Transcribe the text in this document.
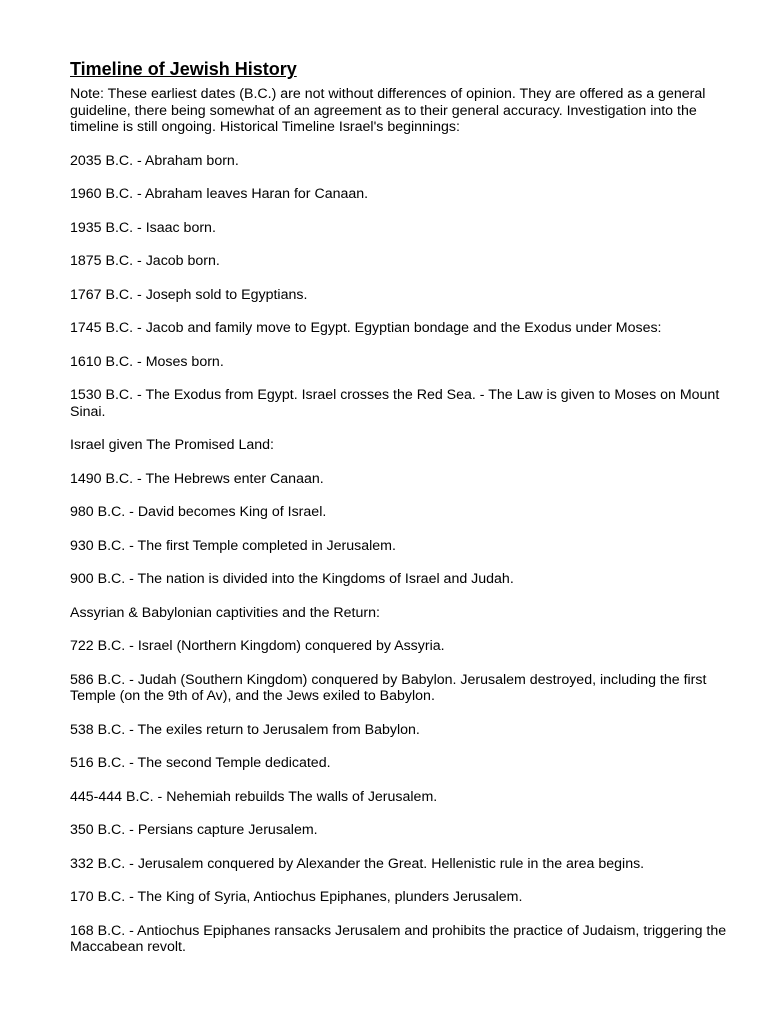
Timeline of Jewish History
Note: These earliest dates (B.C.) are not without differences of opinion. They are offered as a general guideline, there being somewhat of an agreement as to their general accuracy. Investigation into the timeline is still ongoing. Historical Timeline Israel's beginnings:
2035 B.C. - Abraham born.
1960 B.C. - Abraham leaves Haran for Canaan.
1935 B.C. - Isaac born.
1875 B.C. - Jacob born.
1767 B.C. - Joseph sold to Egyptians.
1745 B.C. - Jacob and family move to Egypt. Egyptian bondage and the Exodus under Moses:
1610 B.C. - Moses born.
1530 B.C. - The Exodus from Egypt. Israel crosses the Red Sea. - The Law is given to Moses on Mount Sinai.
Israel given The Promised Land:
1490 B.C. - The Hebrews enter Canaan.
980 B.C. - David becomes King of Israel.
930 B.C. - The first Temple completed in Jerusalem.
900 B.C. - The nation is divided into the Kingdoms of Israel and Judah.
Assyrian & Babylonian captivities and the Return:
722 B.C. - Israel (Northern Kingdom) conquered by Assyria.
586 B.C. - Judah (Southern Kingdom) conquered by Babylon. Jerusalem destroyed, including the first Temple (on the 9th of Av), and the Jews exiled to Babylon.
538 B.C. - The exiles return to Jerusalem from Babylon.
516 B.C. - The second Temple dedicated.
445-444 B.C. - Nehemiah rebuilds The walls of Jerusalem.
350 B.C. - Persians capture Jerusalem.
332 B.C. - Jerusalem conquered by Alexander the Great. Hellenistic rule in the area begins.
170 B.C. - The King of Syria, Antiochus Epiphanes, plunders Jerusalem.
168 B.C. - Antiochus Epiphanes ransacks Jerusalem and prohibits the practice of Judaism, triggering the Maccabean revolt.
